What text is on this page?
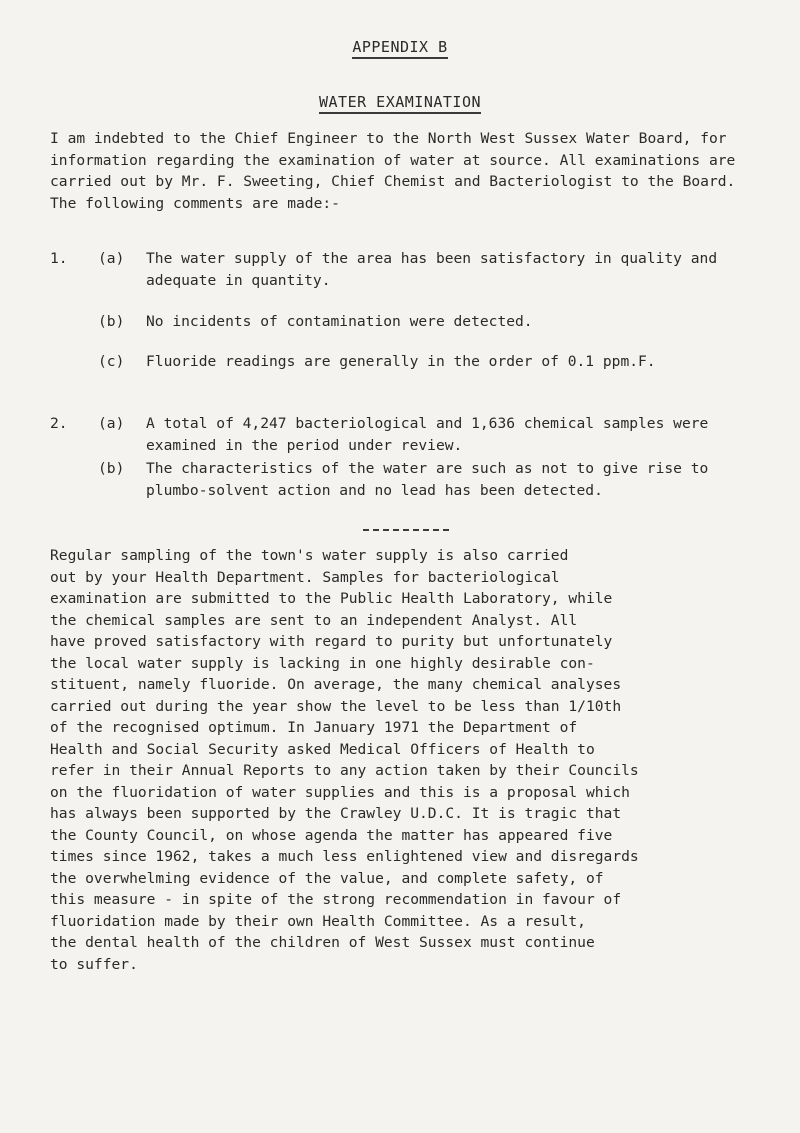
APPENDIX B
WATER EXAMINATION
I am indebted to the Chief Engineer to the North West Sussex Water Board, for information regarding the examination of water at source. All examinations are carried out by Mr. F. Sweeting, Chief Chemist and Bacteriologist to the Board. The following comments are made:-
1. (a) The water supply of the area has been satisfactory in quality and adequate in quantity.
(b) No incidents of contamination were detected.
(c) Fluoride readings are generally in the order of 0.1 ppm.F.
2. (a) A total of 4,247 bacteriological and 1,636 chemical samples were examined in the period under review.
(b) The characteristics of the water are such as not to give rise to plumbo-solvent action and no lead has been detected.
Regular sampling of the town's water supply is also carried
out by your Health Department. Samples for bacteriological
examination are submitted to the Public Health Laboratory, while
the chemical samples are sent to an independent Analyst. All
have proved satisfactory with regard to purity but unfortunately
the local water supply is lacking in one highly desirable con-
stituent, namely fluoride. On average, the many chemical analyses
carried out during the year show the level to be less than 1/10th
of the recognised optimum. In January 1971 the Department of
Health and Social Security asked Medical Officers of Health to
refer in their Annual Reports to any action taken by their Councils
on the fluoridation of water supplies and this is a proposal which
has always been supported by the Crawley U.D.C. It is tragic that
the County Council, on whose agenda the matter has appeared five
times since 1962, takes a much less enlightened view and disregards
the overwhelming evidence of the value, and complete safety, of
this measure - in spite of the strong recommendation in favour of
fluoridation made by their own Health Committee. As a result,
the dental health of the children of West Sussex must continue
to suffer.
